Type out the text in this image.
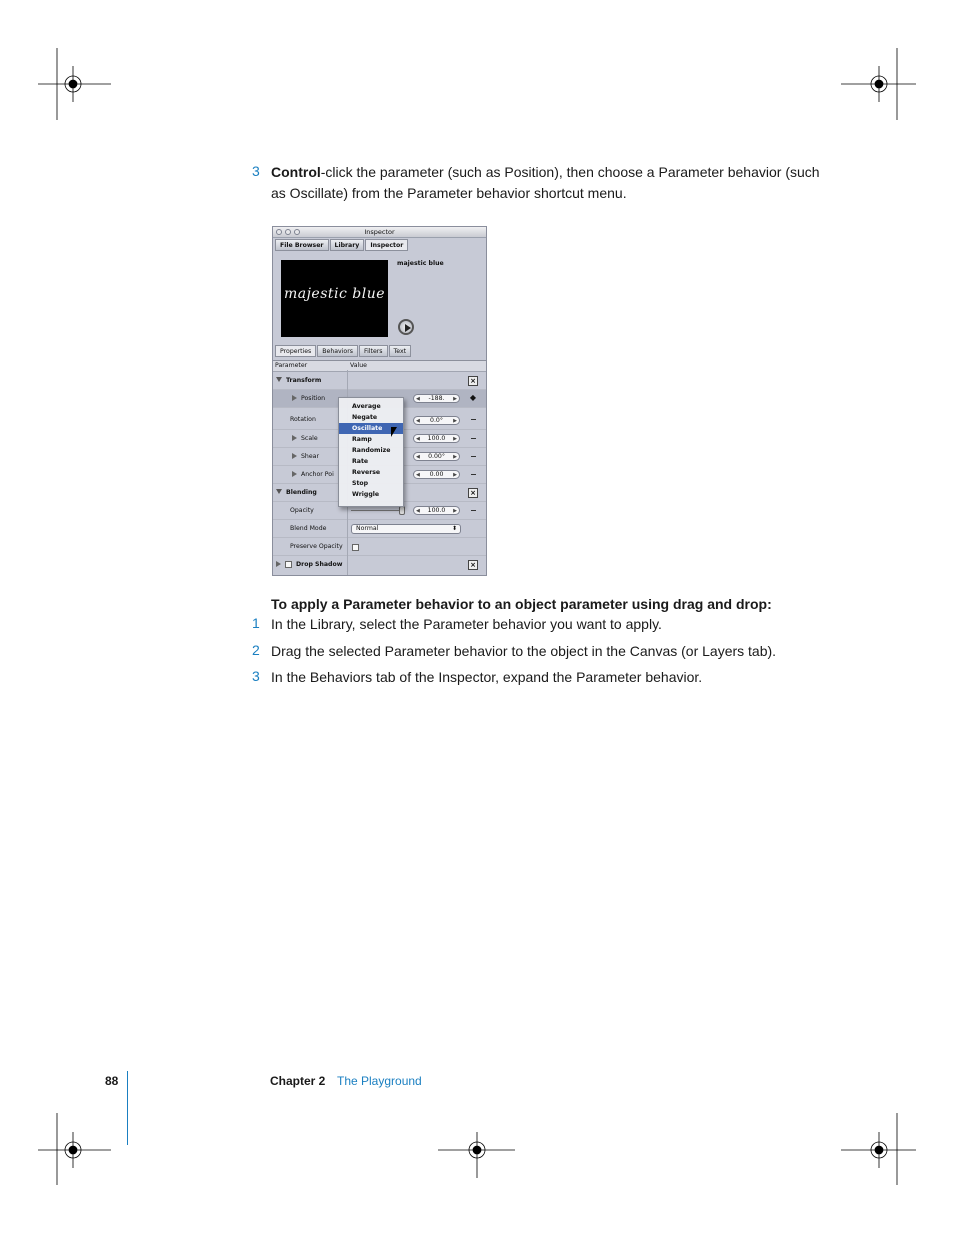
3 Control-click the parameter (such as Position), then choose a Parameter behavior (such
as Oscillate) from the Parameter behavior shortcut menu.
Inspector
File Browser	Library	Inspector
majestic blue
majestic blue
Properties	Behaviors	Filters	Text
Parameter	Value
Transform	×
Position	◀ -188. ▶ ◆
Rotation	◀ 0.0° ▶
Scale	◀ 100.0 ▶
Shear	◀ 0.00° ▶
Anchor Poi	◀ 0.00 ▶
Blending	×
Opacity	◀ 100.0 ▶
Blend Mode	Normal	⬍
Preserve Opacity
Drop Shadow	×
Average
Negate
Oscillate
Ramp
Randomize
Rate
Reverse
Stop
Wriggle
To apply a Parameter behavior to an object parameter using drag and drop:
1 In the Library, select the Parameter behavior you want to apply.
2 Drag the selected Parameter behavior to the object in the Canvas (or Layers tab).
3 In the Behaviors tab of the Inspector, expand the Parameter behavior.
88	Chapter 2 The Playground
